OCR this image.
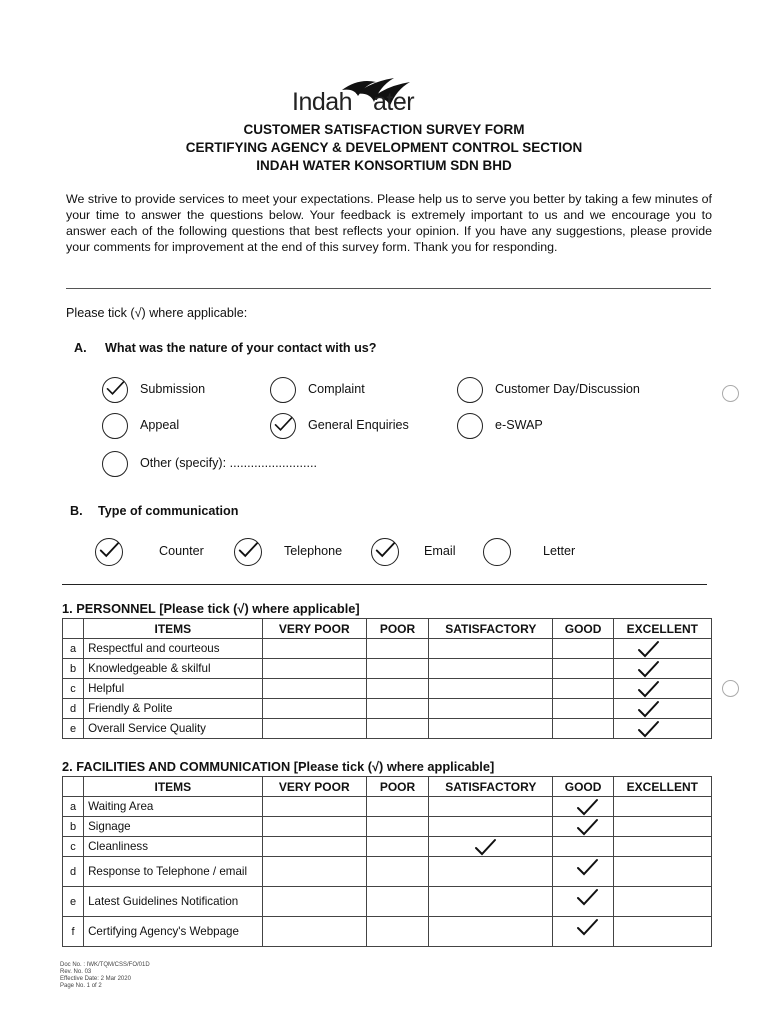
Indah ater
CUSTOMER SATISFACTION SURVEY FORM
CERTIFYING AGENCY & DEVELOPMENT CONTROL SECTION
INDAH WATER KONSORTIUM SDN BHD
We strive to provide services to meet your expectations. Please help us to serve you better by taking a few minutes of your time to answer the questions below. Your feedback is extremely important to us and we encourage you to answer each of the following questions that best reflects your opinion. If you have any suggestions, please provide your comments for improvement at the end of this survey form. Thank you for responding.
Please tick (√) where applicable:
A. What was the nature of your contact with us?
Submission	Complaint	Customer Day/Discussion
Appeal	General Enquiries	e-SWAP
Other (specify): .........................
B. Type of communication
Counter	Telephone	Email	Letter
1. PERSONNEL [Please tick (√) where applicable]
	ITEMS	VERY POOR	POOR	SATISFACTORY	GOOD	EXCELLENT
a	Respectful and courteous					

b	Knowledgeable & skilful					

c	Helpful					

d	Friendly & Polite					

e	Overall Service Quality					
2. FACILITIES AND COMMUNICATION [Please tick (√) where applicable]
	ITEMS	VERY POOR	POOR	SATISFACTORY	GOOD	EXCELLENT
a	Waiting Area				

b	Signage				

c	Cleanliness			

d	Response to Telephone / email				

e	Latest Guidelines Notification				

f	Certifying Agency's Webpage				

Doc No. : IWK/TQM/CSS/FO/01D
Rev. No. 03
Effective Date: 2 Mar 2020
Page No. 1 of 2
